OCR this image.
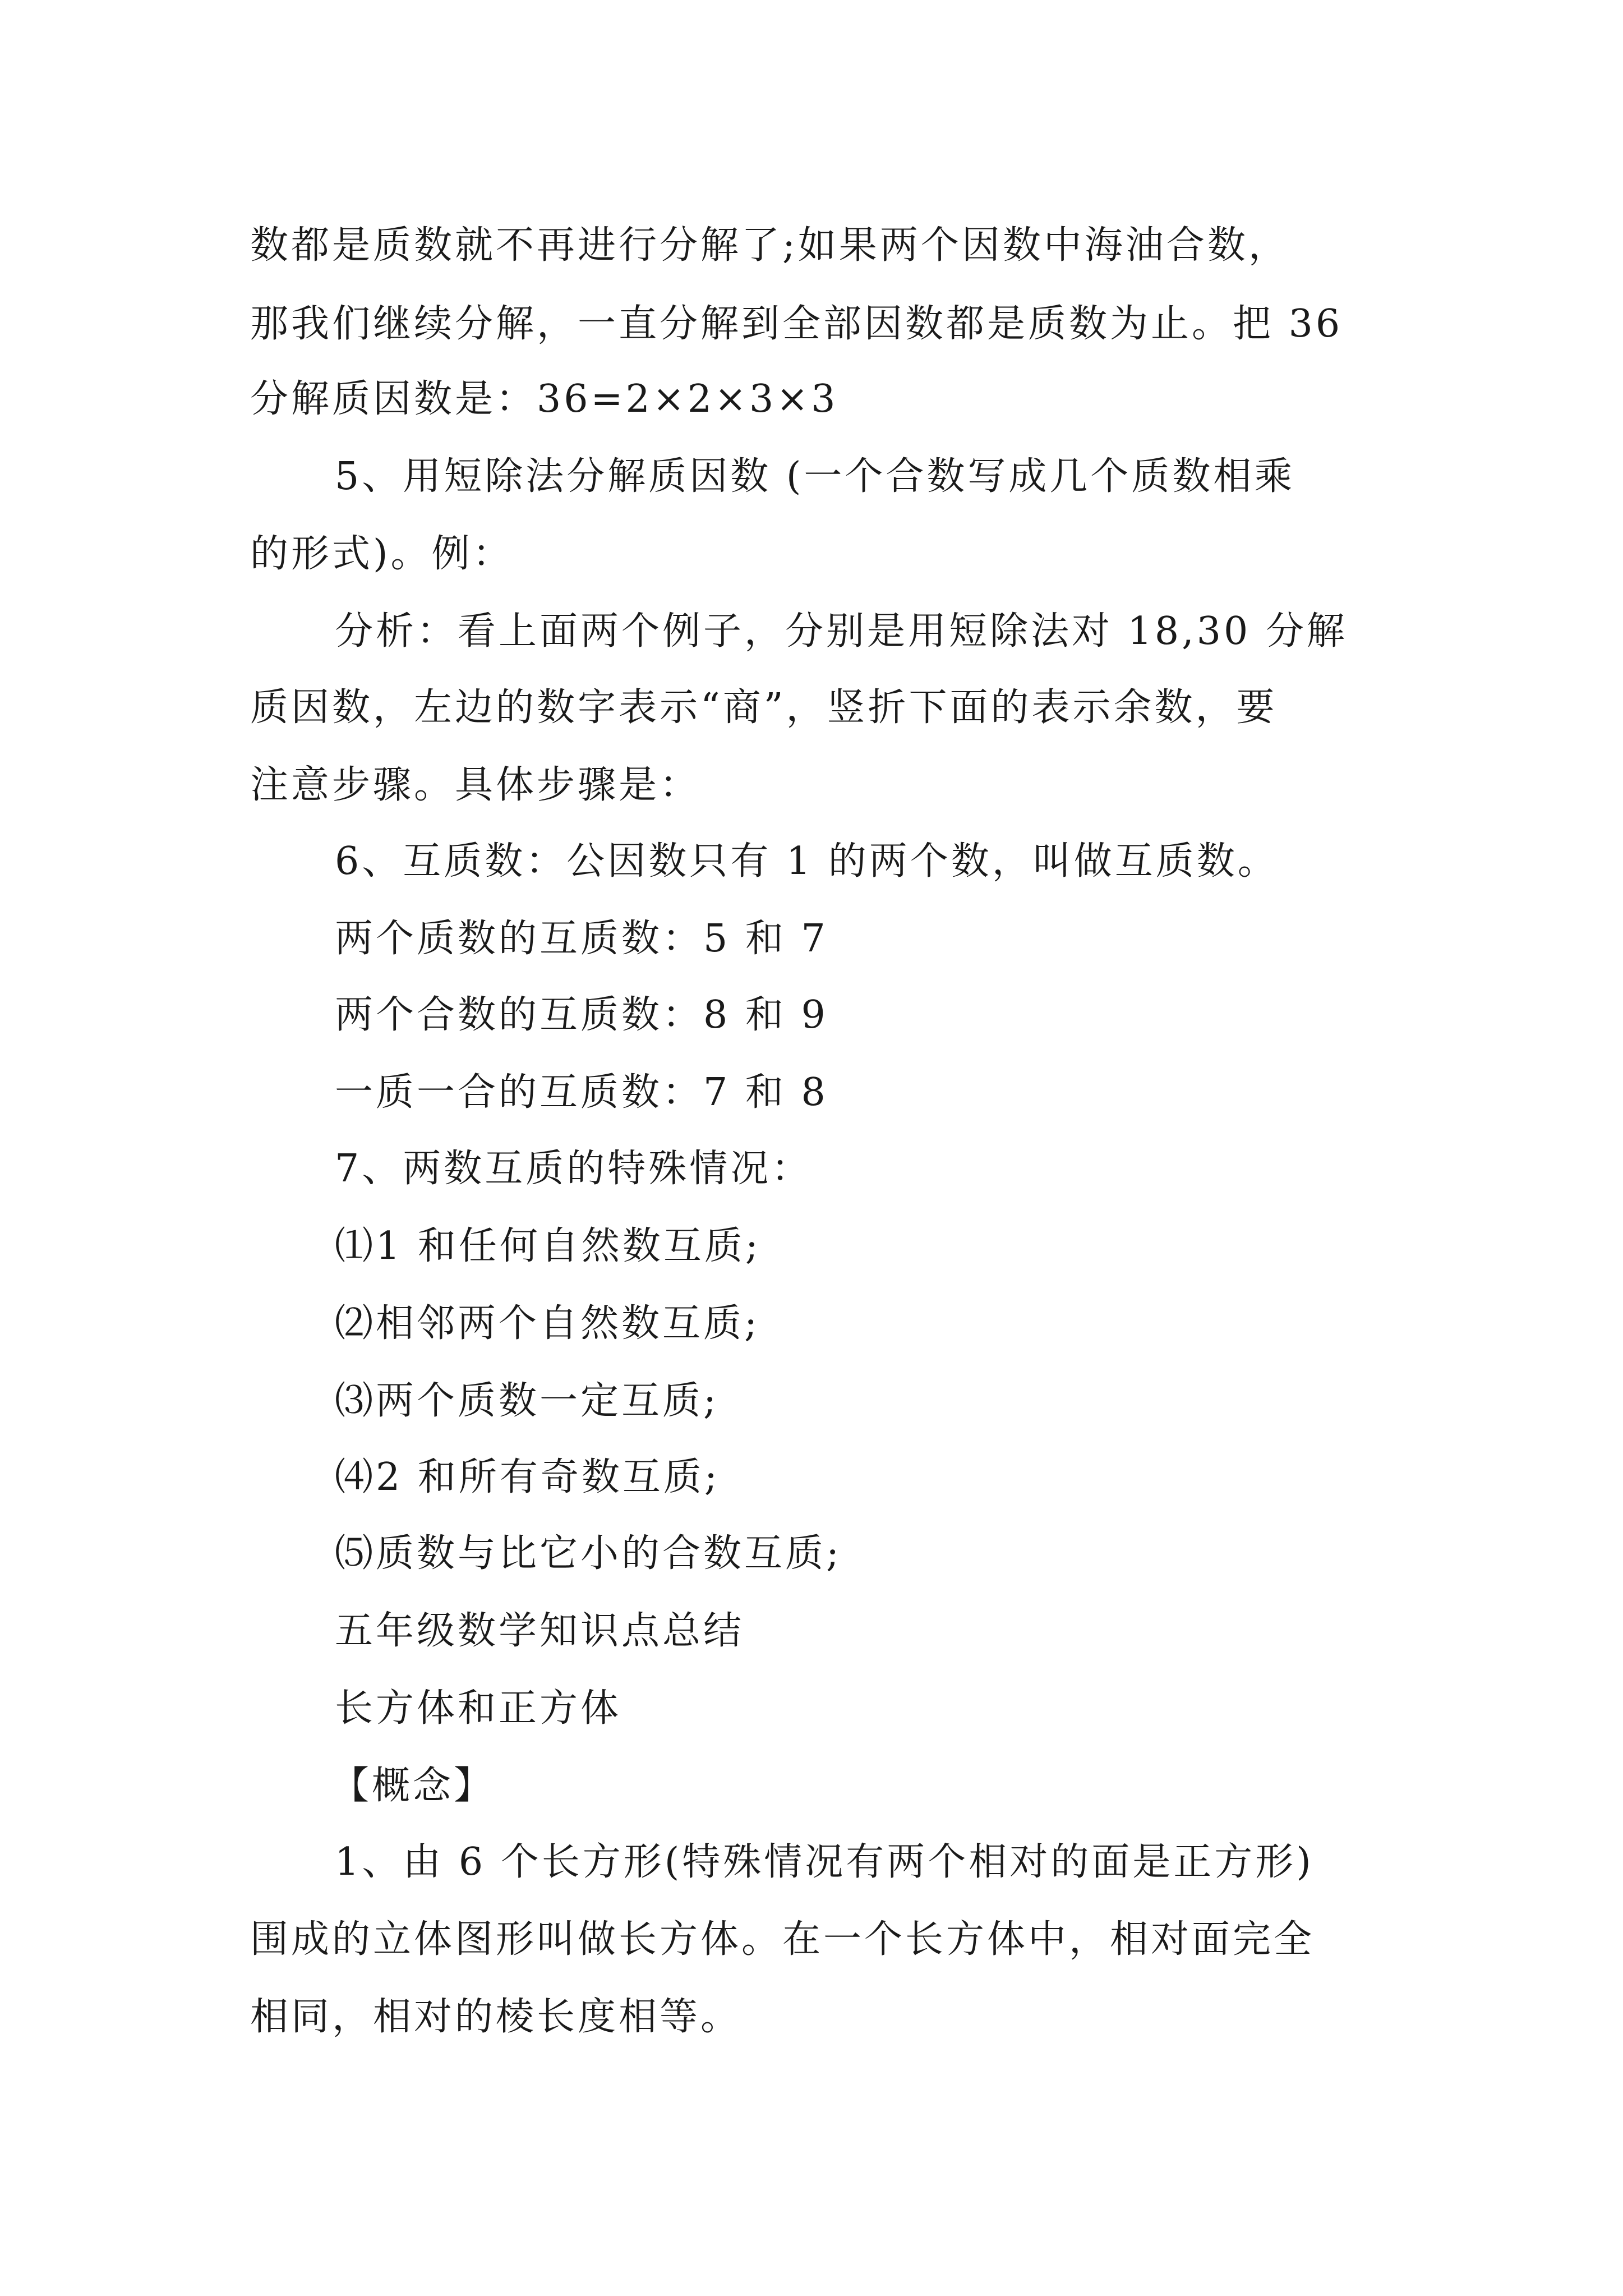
数都是质数就不再进行分解了;如果两个因数中海油合数，
那我们继续分解，一直分解到全部因数都是质数为止。把 36
分解质因数是：36=2×2×3×3
5、用短除法分解质因数 (一个合数写成几个质数相乘
的形式)。例：
分析：看上面两个例子，分别是用短除法对 18,30 分解
质因数，左边的数字表示“商”，竖折下面的表示余数，要
注意步骤。具体步骤是：
6、互质数：公因数只有 1 的两个数，叫做互质数。
两个质数的互质数：5 和 7
两个合数的互质数：8 和 9
一质一合的互质数：7 和 8
7、两数互质的特殊情况：
⑴1 和任何自然数互质;
⑵相邻两个自然数互质;
⑶两个质数一定互质;
⑷2 和所有奇数互质;
⑸质数与比它小的合数互质;
五年级数学知识点总结
长方体和正方体
【概念】
1、由 6 个长方形(特殊情况有两个相对的面是正方形)
围成的立体图形叫做长方体。在一个长方体中，相对面完全
相同，相对的棱长度相等。
